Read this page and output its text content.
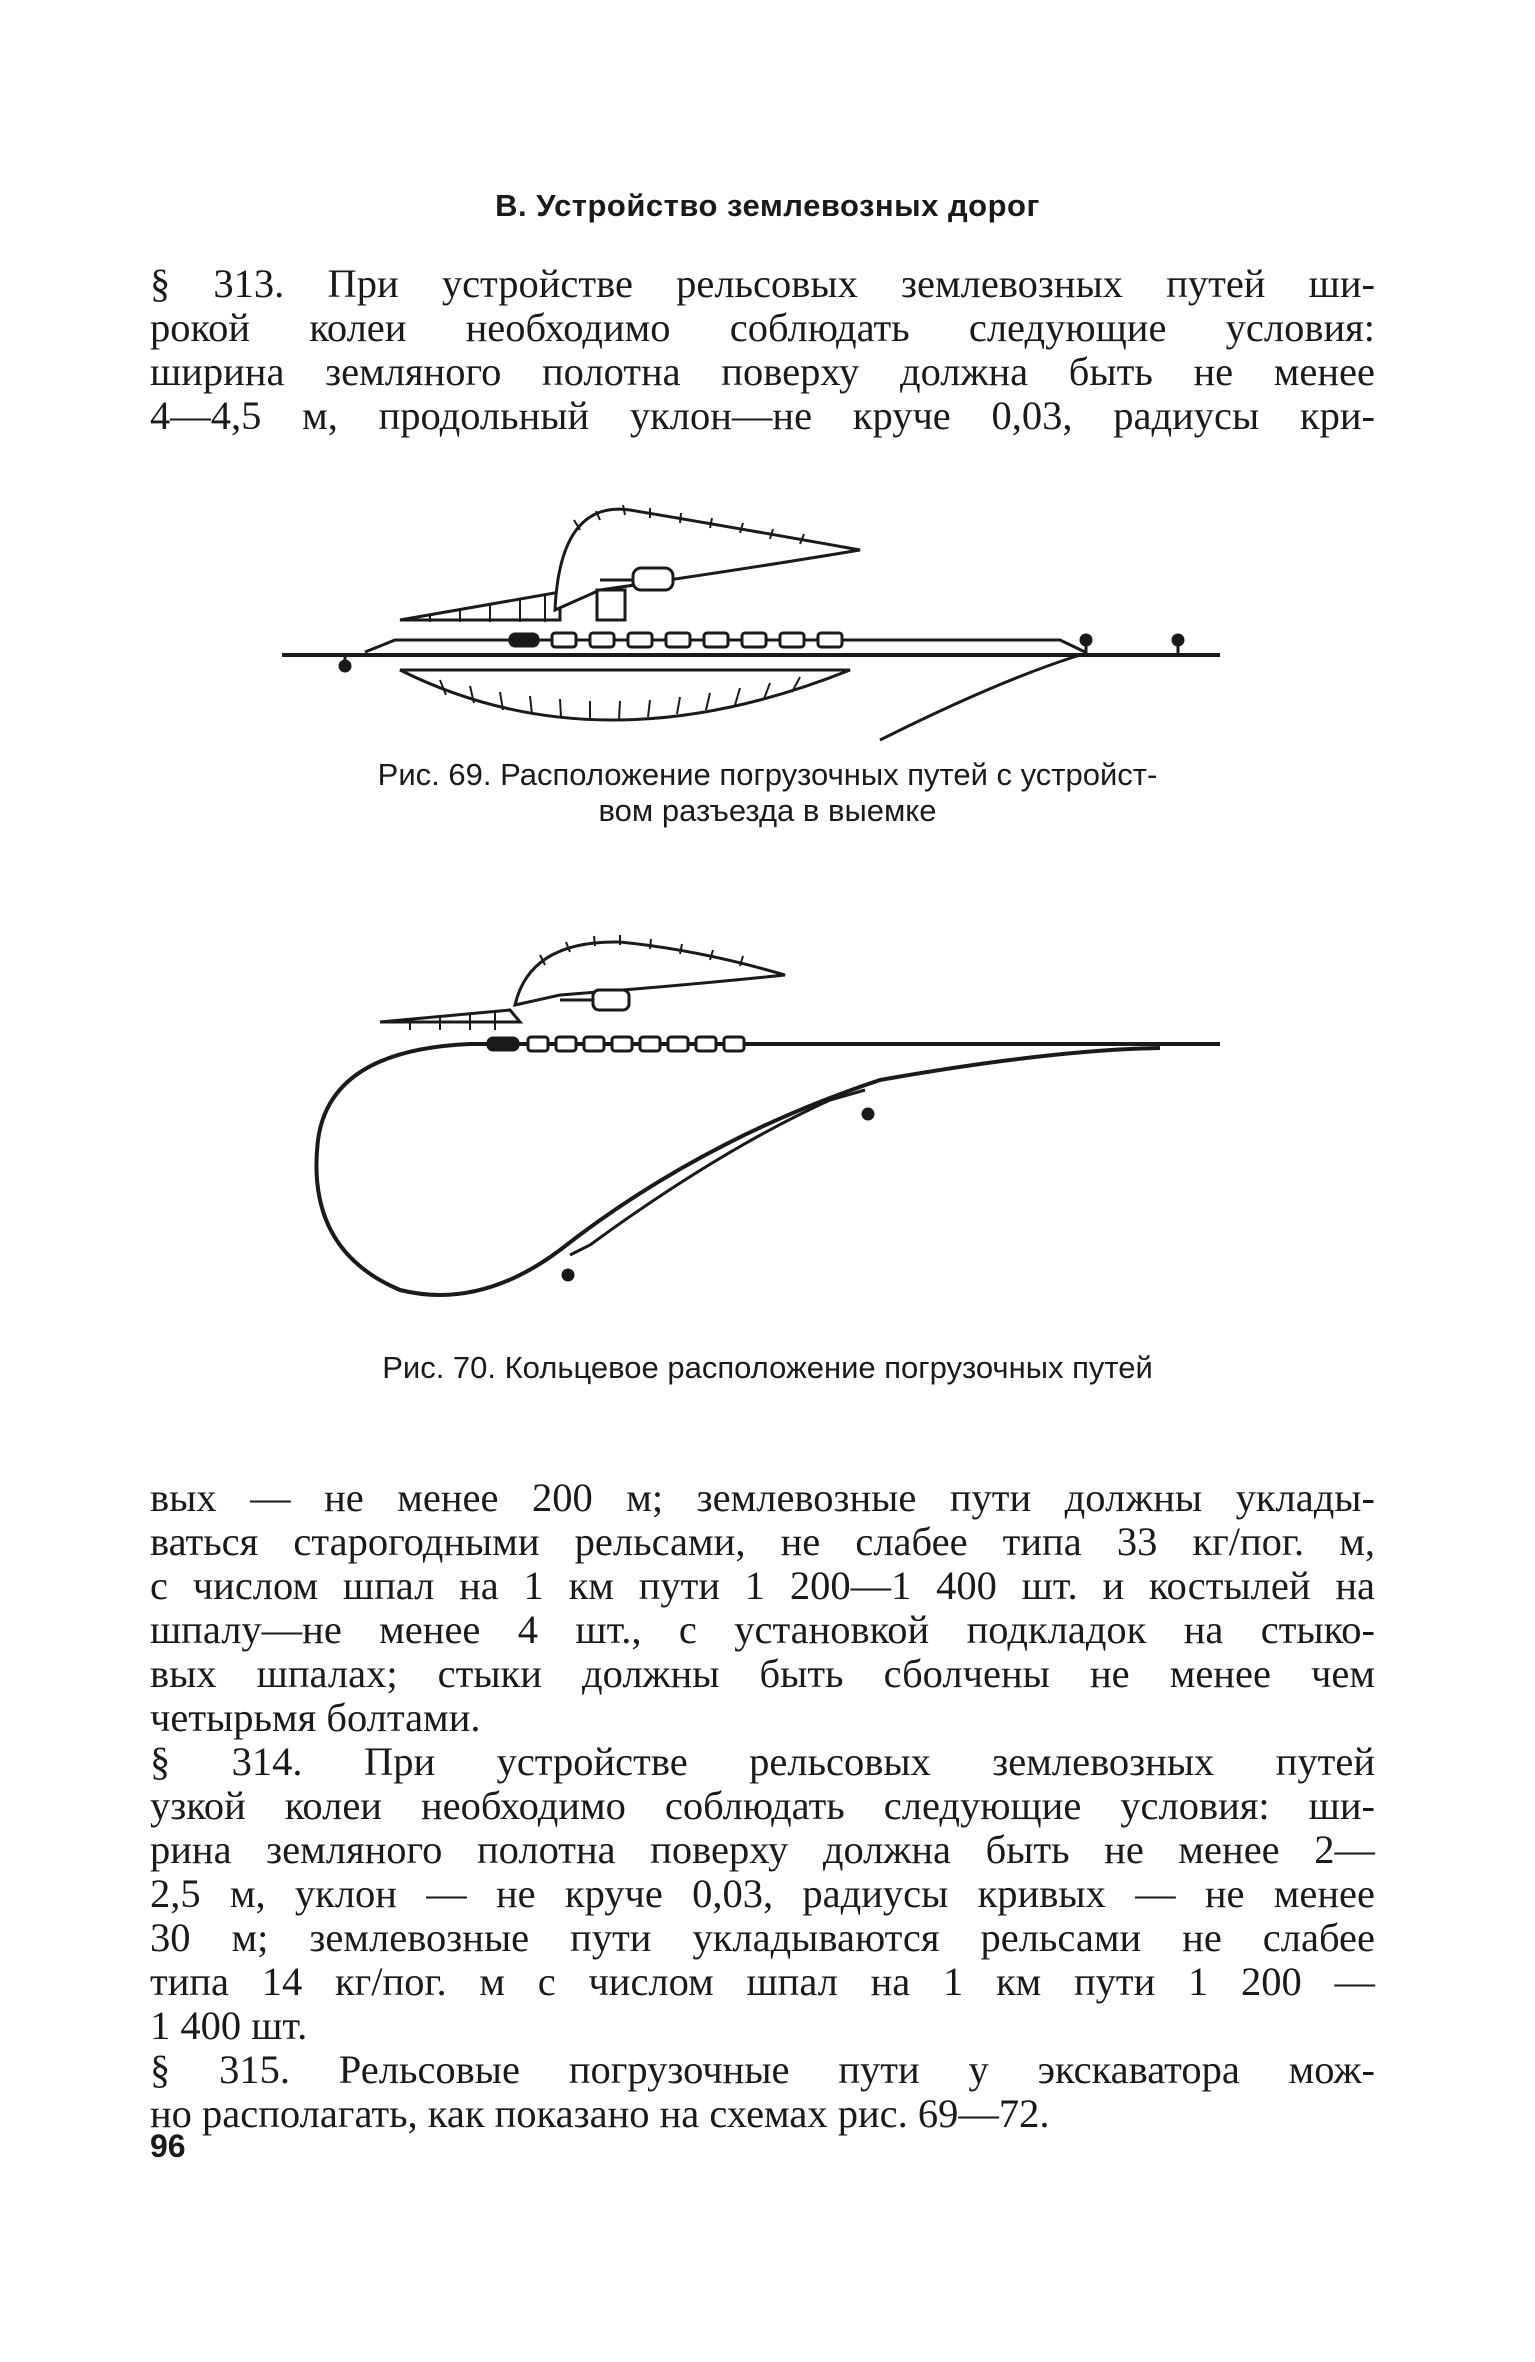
В. Устройство землевозных дорог
§ 313. При устройстве рельсовых землевозных путей ши-
рокой колеи необходимо соблюдать следующие условия:
ширина земляного полотна поверху должна быть не менее
4—4,5 м, продольный уклон—не круче 0,03, радиусы кри-
Рис. 69. Расположение погрузочных путей с устройст-
вом разъезда в выемке
Рис. 70. Кольцевое расположение погрузочных путей
вых — не менее 200 м; землевозные пути должны уклады-
ваться старогодными рельсами, не слабее типа 33 кг/пог. м,
с числом шпал на 1 км пути 1 200—1 400 шт. и костылей на
шпалу—не менее 4 шт., с установкой подкладок на стыко-
вых шпалах; стыки должны быть сболчены не менее чем
четырьмя болтами.
§ 314. При устройстве рельсовых землевозных путей
узкой колеи необходимо соблюдать следующие условия: ши-
рина земляного полотна поверху должна быть не менее 2—
2,5 м, уклон — не круче 0,03, радиусы кривых — не менее
30 м; землевозные пути укладываются рельсами не слабее
типа 14 кг/пог. м с числом шпал на 1 км пути 1 200 —
1 400 шт.
§ 315. Рельсовые погрузочные пути у экскаватора мож-
но располагать, как показано на схемах рис. 69—72.
96
